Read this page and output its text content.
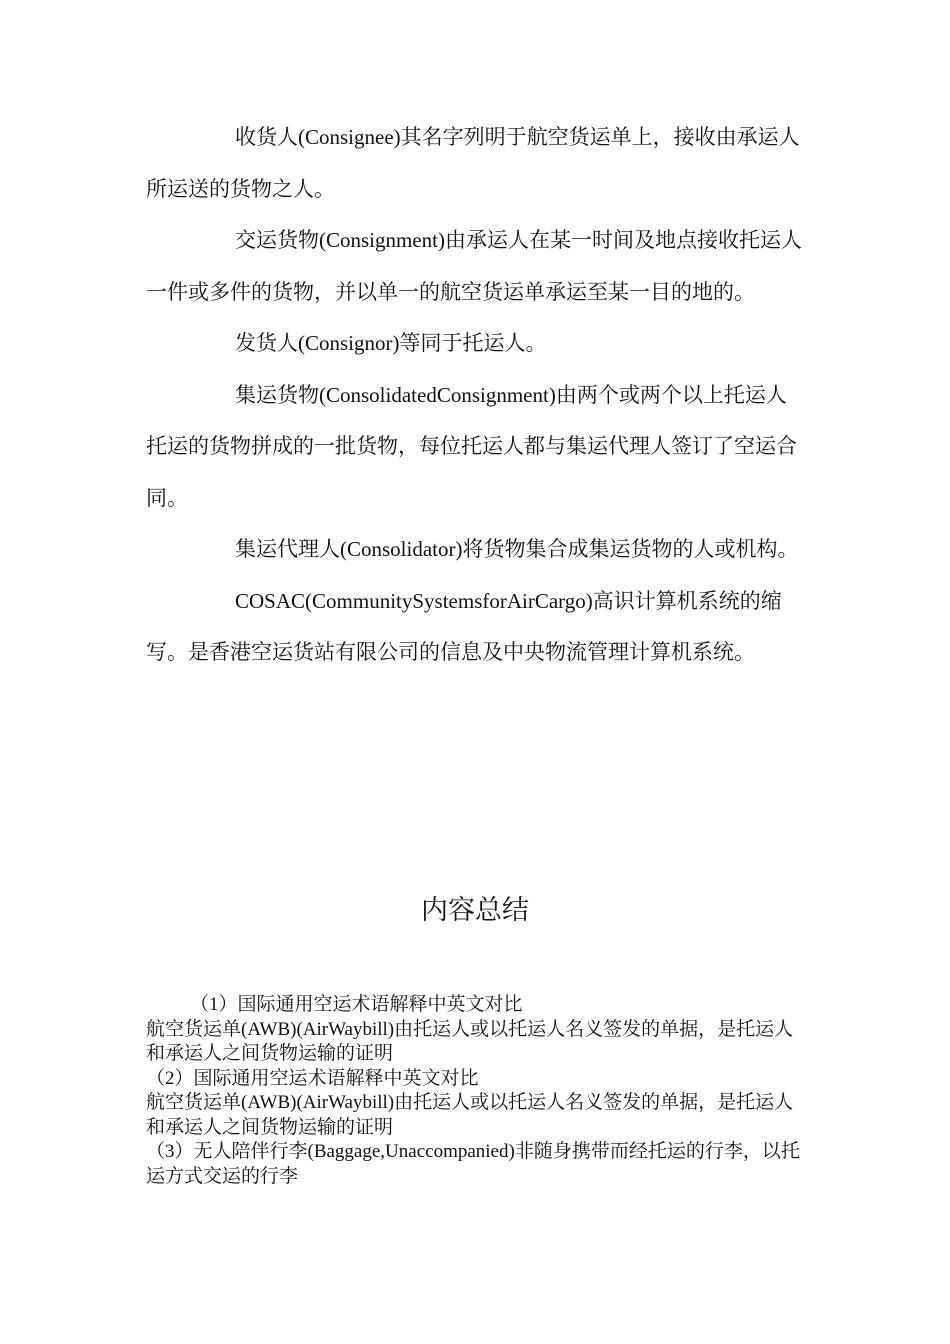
收货人(Consignee)其名字列明于航空货运单上，接收由承运人所运送的货物之人。

交运货物(Consignment)由承运人在某一时间及地点接收托运人一件或多件的货物，并以单一的航空货运单承运至某一目的地的。

发货人(Consignor)等同于托运人。

集运货物(ConsolidatedConsignment)由两个或两个以上托运人托运的货物拼成的一批货物，每位托运人都与集运代理人签订了空运合同。

集运代理人(Consolidator)将货物集合成集运货物的人或机构。

COSAC(CommunitySystemsforAirCargo)高识计算机系统的缩写。是香港空运货站有限公司的信息及中央物流管理计算机系统。

内容总结
（1）国际通用空运术语解释中英文对比
航空货运单(AWB)(AirWaybill)由托运人或以托运人名义签发的单据，是托运人和承运人之间货物运输的证明
（2）国际通用空运术语解释中英文对比
航空货运单(AWB)(AirWaybill)由托运人或以托运人名义签发的单据，是托运人和承运人之间货物运输的证明
（3）无人陪伴行李(Baggage,Unaccompanied)非随身携带而经托运的行李，以托运方式交运的行李
